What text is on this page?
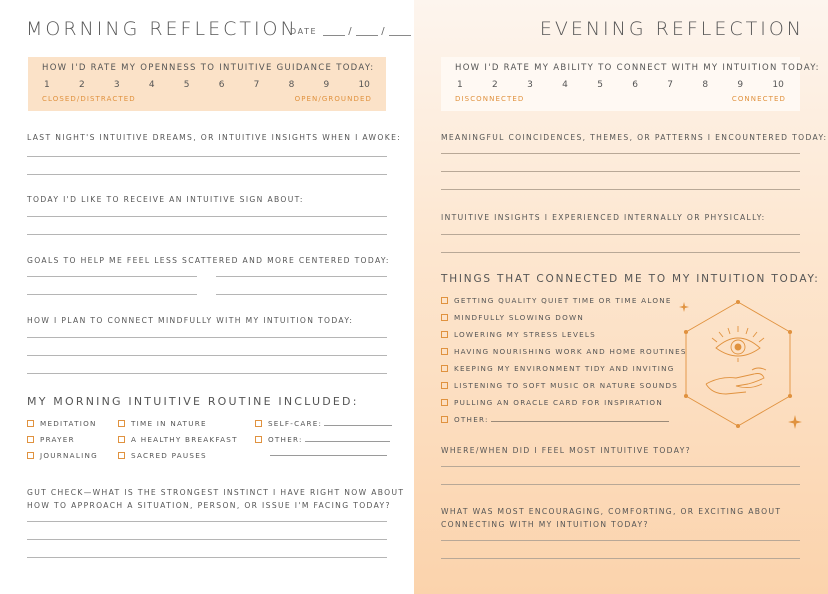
MORNING REFLECTION
DATE	/	/
HOW I'D RATE MY OPENNESS TO INTUITIVE GUIDANCE TODAY:
1	2	3	4	5	6	7	8	9	10
CLOSED/DISTRACTED	OPEN/GROUNDED
LAST NIGHT'S INTUITIVE DREAMS, OR INTUITIVE INSIGHTS WHEN I AWOKE:
TODAY I'D LIKE TO RECEIVE AN INTUITIVE SIGN ABOUT:
GOALS TO HELP ME FEEL LESS SCATTERED AND MORE CENTERED TODAY:
HOW I PLAN TO CONNECT MINDFULLY WITH MY INTUITION TODAY:
MY MORNING INTUITIVE ROUTINE INCLUDED:
MEDITATION
PRAYER
JOURNALING
TIME IN NATURE
A HEALTHY BREAKFAST
SACRED PAUSES
SELF-CARE:
OTHER:
GUT CHECK—WHAT IS THE STRONGEST INSTINCT I HAVE RIGHT NOW ABOUT
HOW TO APPROACH A SITUATION, PERSON, OR ISSUE I'M FACING TODAY?
EVENING REFLECTION
HOW I'D RATE MY ABILITY TO CONNECT WITH MY INTUITION TODAY:
1	2	3	4	5	6	7	8	9	10
DISCONNECTED	CONNECTED
MEANINGFUL COINCIDENCES, THEMES, OR PATTERNS I ENCOUNTERED TODAY:
INTUITIVE INSIGHTS I EXPERIENCED INTERNALLY OR PHYSICALLY:
THINGS THAT CONNECTED ME TO MY INTUITION TODAY:
GETTING QUALITY QUIET TIME OR TIME ALONE
MINDFULLY SLOWING DOWN
LOWERING MY STRESS LEVELS
HAVING NOURISHING WORK AND HOME ROUTINES
KEEPING MY ENVIRONMENT TIDY AND INVITING
LISTENING TO SOFT MUSIC OR NATURE SOUNDS
PULLING AN ORACLE CARD FOR INSPIRATION
OTHER:
WHERE/WHEN DID I FEEL MOST INTUITIVE TODAY?
WHAT WAS MOST ENCOURAGING, COMFORTING, OR EXCITING ABOUT
CONNECTING WITH MY INTUITION TODAY?
